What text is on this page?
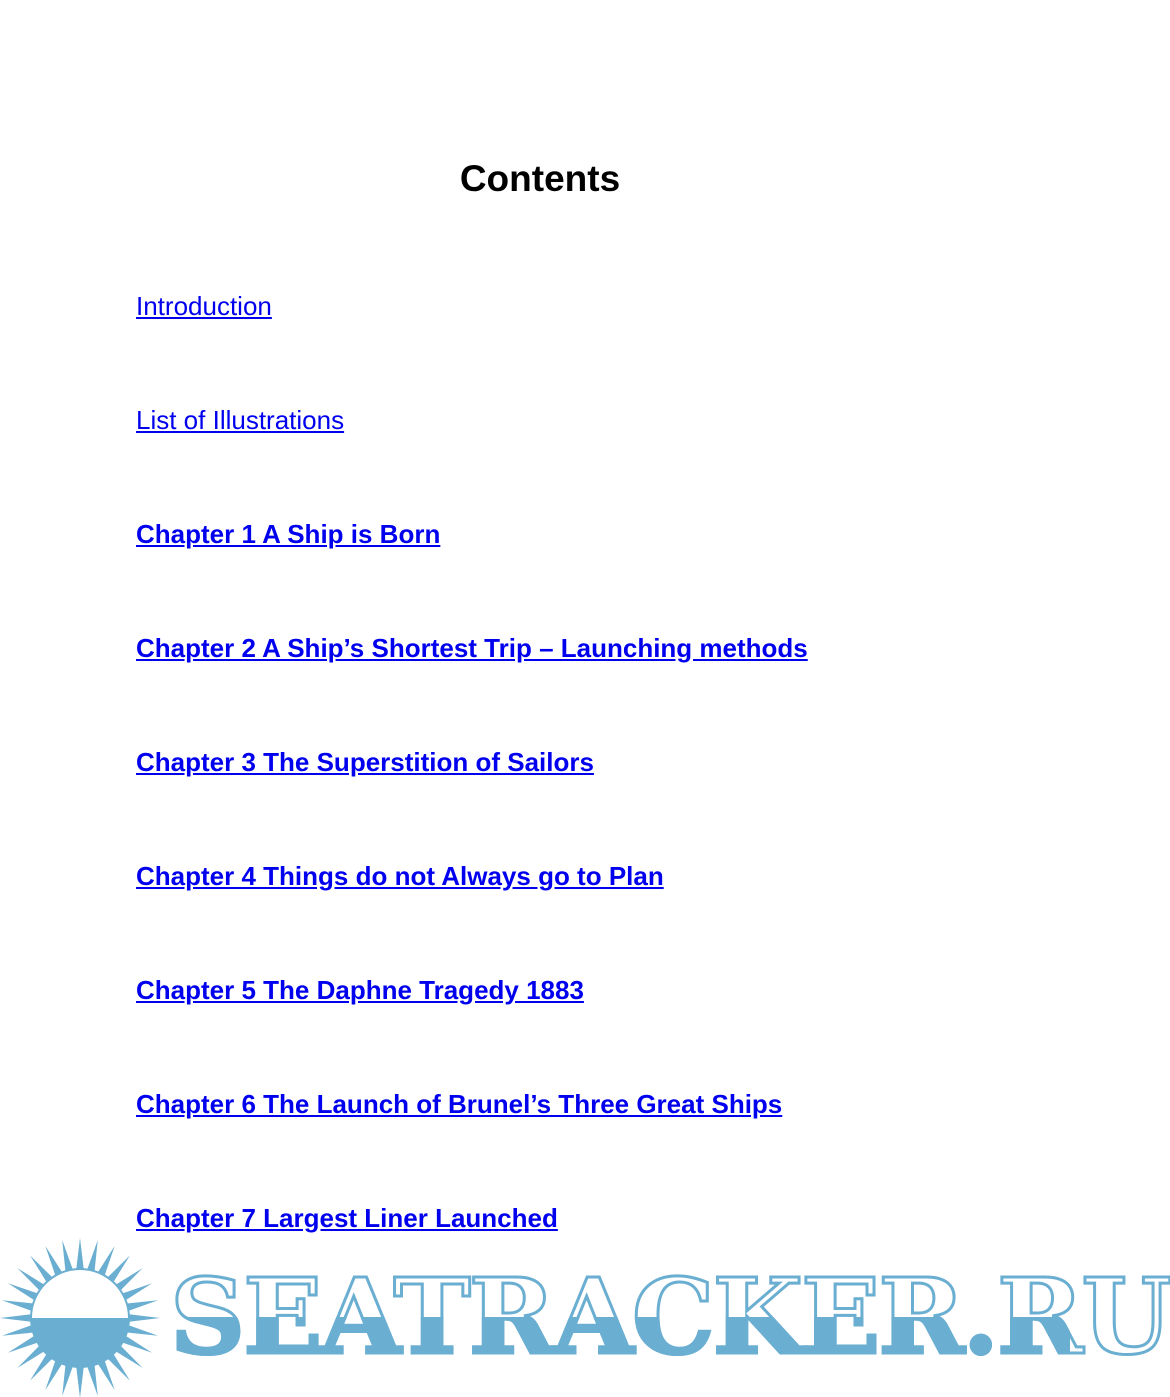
Contents
Introduction
List of Illustrations
Chapter 1 A Ship is Born
Chapter 2 A Ship’s Shortest Trip – Launching methods
Chapter 3 The Superstition of Sailors
Chapter 4 Things do not Always go to Plan
Chapter 5 The Daphne Tragedy 1883
Chapter 6 The Launch of Brunel’s Three Great Ships
Chapter 7 Largest Liner Launched
SEATRACKER.RU
